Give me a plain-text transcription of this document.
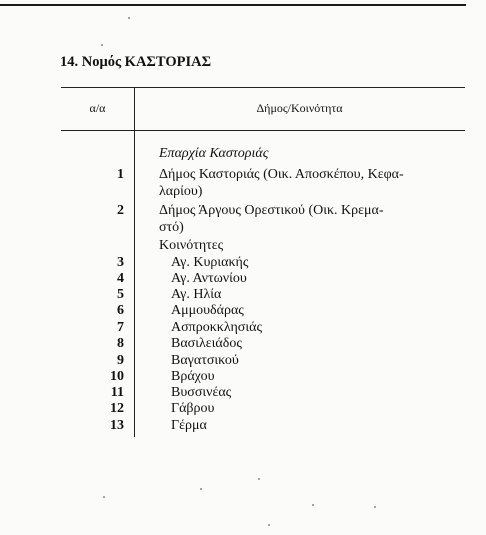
14. Νομός ΚΑΣΤΟΡΙΑΣ
α/α	Δήμος/Κοινότητα
Επαρχία Καστοριάς
1	Δήμος Καστοριάς (Οικ. Αποσκέπου, Κεφα-
λαρίου)
2	Δήμος Άργους Ορεστικού (Οικ. Κρεμα-
στό)
Κοινότητες
3	Αγ. Κυριακής
4	Αγ. Αντωνίου
5	Αγ. Ηλία
6	Αμμουδάρας
7	Ασπροκκλησιάς
8	Βασιλειάδος
9	Βαγατσικού
10	Βράχου
11	Βυσσινέας
12	Γάβρου
13	Γέρμα
